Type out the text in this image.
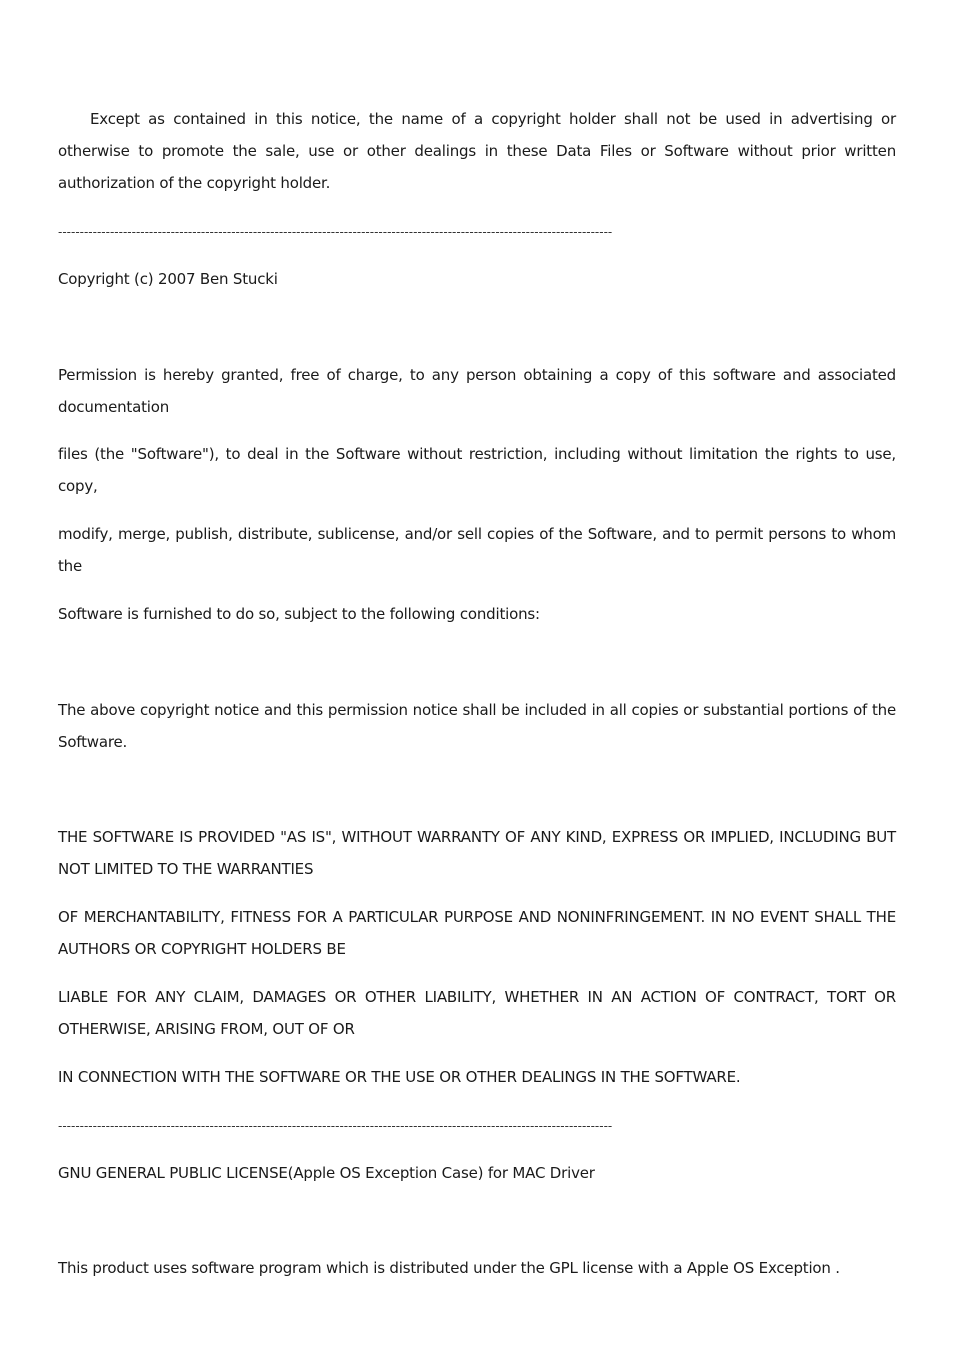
Except as contained in this notice, the name of a copyright holder shall not be used in advertising or otherwise to promote the sale, use or other dealings in these Data Files or Software without prior written authorization of the copyright holder.

--------------------------------------------------------------------------------------------------------------------------------

Copyright (c) 2007 Ben Stucki

Permission is hereby granted, free of charge, to any person obtaining a copy of this software and associated documentation

files (the "Software"), to deal in the Software without restriction, including without limitation the rights to use, copy,

modify, merge, publish, distribute, sublicense, and/or sell copies of the Software, and to permit persons to whom the

Software is furnished to do so, subject to the following conditions:

The above copyright notice and this permission notice shall be included in all copies or substantial portions of the Software.

THE SOFTWARE IS PROVIDED "AS IS", WITHOUT WARRANTY OF ANY KIND, EXPRESS OR IMPLIED, INCLUDING BUT NOT LIMITED TO THE WARRANTIES

OF MERCHANTABILITY, FITNESS FOR A PARTICULAR PURPOSE AND NONINFRINGEMENT. IN NO EVENT SHALL THE AUTHORS OR COPYRIGHT HOLDERS BE

LIABLE FOR ANY CLAIM, DAMAGES OR OTHER LIABILITY, WHETHER IN AN ACTION OF CONTRACT, TORT OR OTHERWISE, ARISING FROM, OUT OF OR

IN CONNECTION WITH THE SOFTWARE OR THE USE OR OTHER DEALINGS IN THE SOFTWARE.

--------------------------------------------------------------------------------------------------------------------------------

GNU GENERAL PUBLIC LICENSE(Apple OS Exception Case) for MAC Driver

This product uses software program which is distributed under the GPL license with a Apple OS Exception .
